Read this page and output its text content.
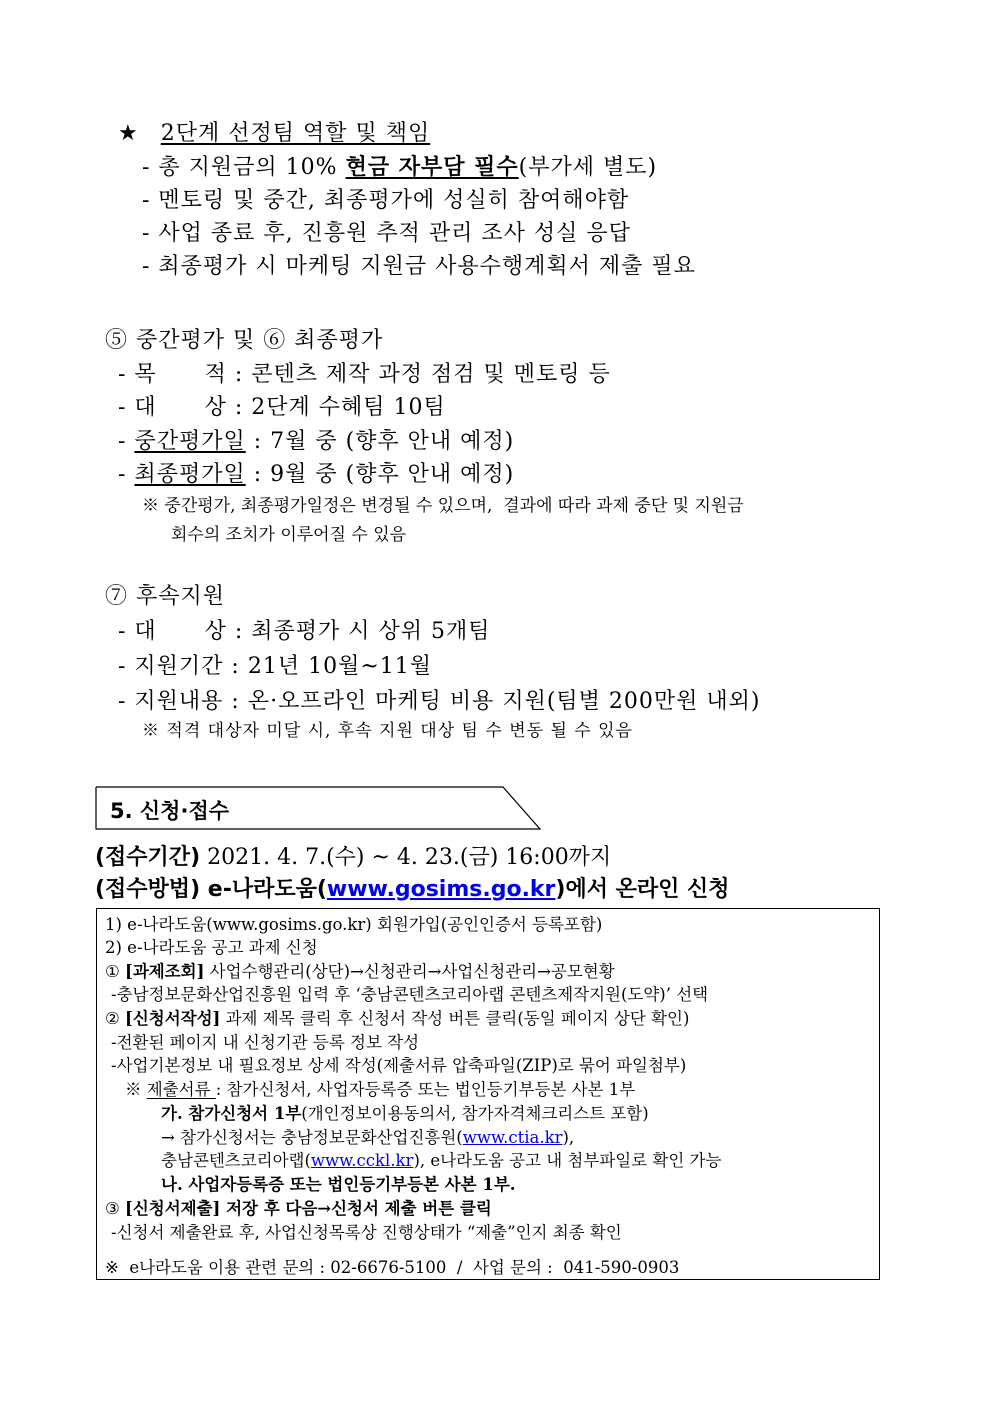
★ 2단계 선정팀 역할 및 책임
- 총 지원금의 10% 현금 자부담 필수(부가세 별도)
- 멘토링 및 중간, 최종평가에 성실히 참여해야함
- 사업 종료 후, 진흥원 추적 관리 조사 성실 응답
- 최종평가 시 마케팅 지원금 사용수행계획서 제출 필요
⑤ 중간평가 및 ⑥ 최종평가
- 목      적 : 콘텐츠 제작 과정 점검 및 멘토링 등
- 대      상 : 2단계 수혜팀 10팀
- 중간평가일 : 7월 중 (향후 안내 예정)
- 최종평가일 : 9월 중 (향후 안내 예정)
※ 중간평가, 최종평가일정은 변경될 수 있으며,  결과에 따라 과제 중단 및 지원금
회수의 조치가 이루어질 수 있음
⑦ 후속지원
- 대      상 : 최종평가 시 상위 5개팀
- 지원기간 : 21년 10월~11월
- 지원내용 : 온·오프라인 마케팅 비용 지원(팀별 200만원 내외)
※ 적격 대상자 미달 시, 후속 지원 대상 팀 수 변동 될 수 있음
5. 신청·접수
(접수기간) 2021. 4. 7.(수) ~ 4. 23.(금) 16:00까지
(접수방법) e-나라도움(www.gosims.go.kr)에서 온라인 신청
1) e-나라도움(www.gosims.go.kr) 회원가입(공인인증서 등록포함)
2) e-나라도움 공고 과제 신청
① [과제조회] 사업수행관리(상단)→신청관리→사업신청관리→공모현황
-충남정보문화산업진흥원 입력 후 ‘충남콘텐츠코리아랩 콘텐츠제작지원(도약)’ 선택
② [신청서작성] 과제 제목 클릭 후 신청서 작성 버튼 클릭(동일 페이지 상단 확인)
-전환된 페이지 내 신청기관 등록 정보 작성
-사업기본정보 내 필요정보 상세 작성(제출서류 압축파일(ZIP)로 묶어 파일첨부)
※ 제출서류 : 참가신청서, 사업자등록증 또는 법인등기부등본 사본 1부
가. 참가신청서 1부(개인정보이용동의서, 참가자격체크리스트 포함)
→ 참가신청서는 충남정보문화산업진흥원(www.ctia.kr),
충남콘텐츠코리아랩(www.cckl.kr), e나라도움 공고 내 첨부파일로 확인 가능
나. 사업자등록증 또는 법인등기부등본 사본 1부.
③ [신청서제출] 저장 후 다음→신청서 제출 버튼 클릭
-신청서 제출완료 후, 사업신청목록상 진행상태가 “제출”인지 최종 확인
※  e나라도움 이용 관련 문의 : 02-6676-5100  /  사업 문의 :  041-590-0903
